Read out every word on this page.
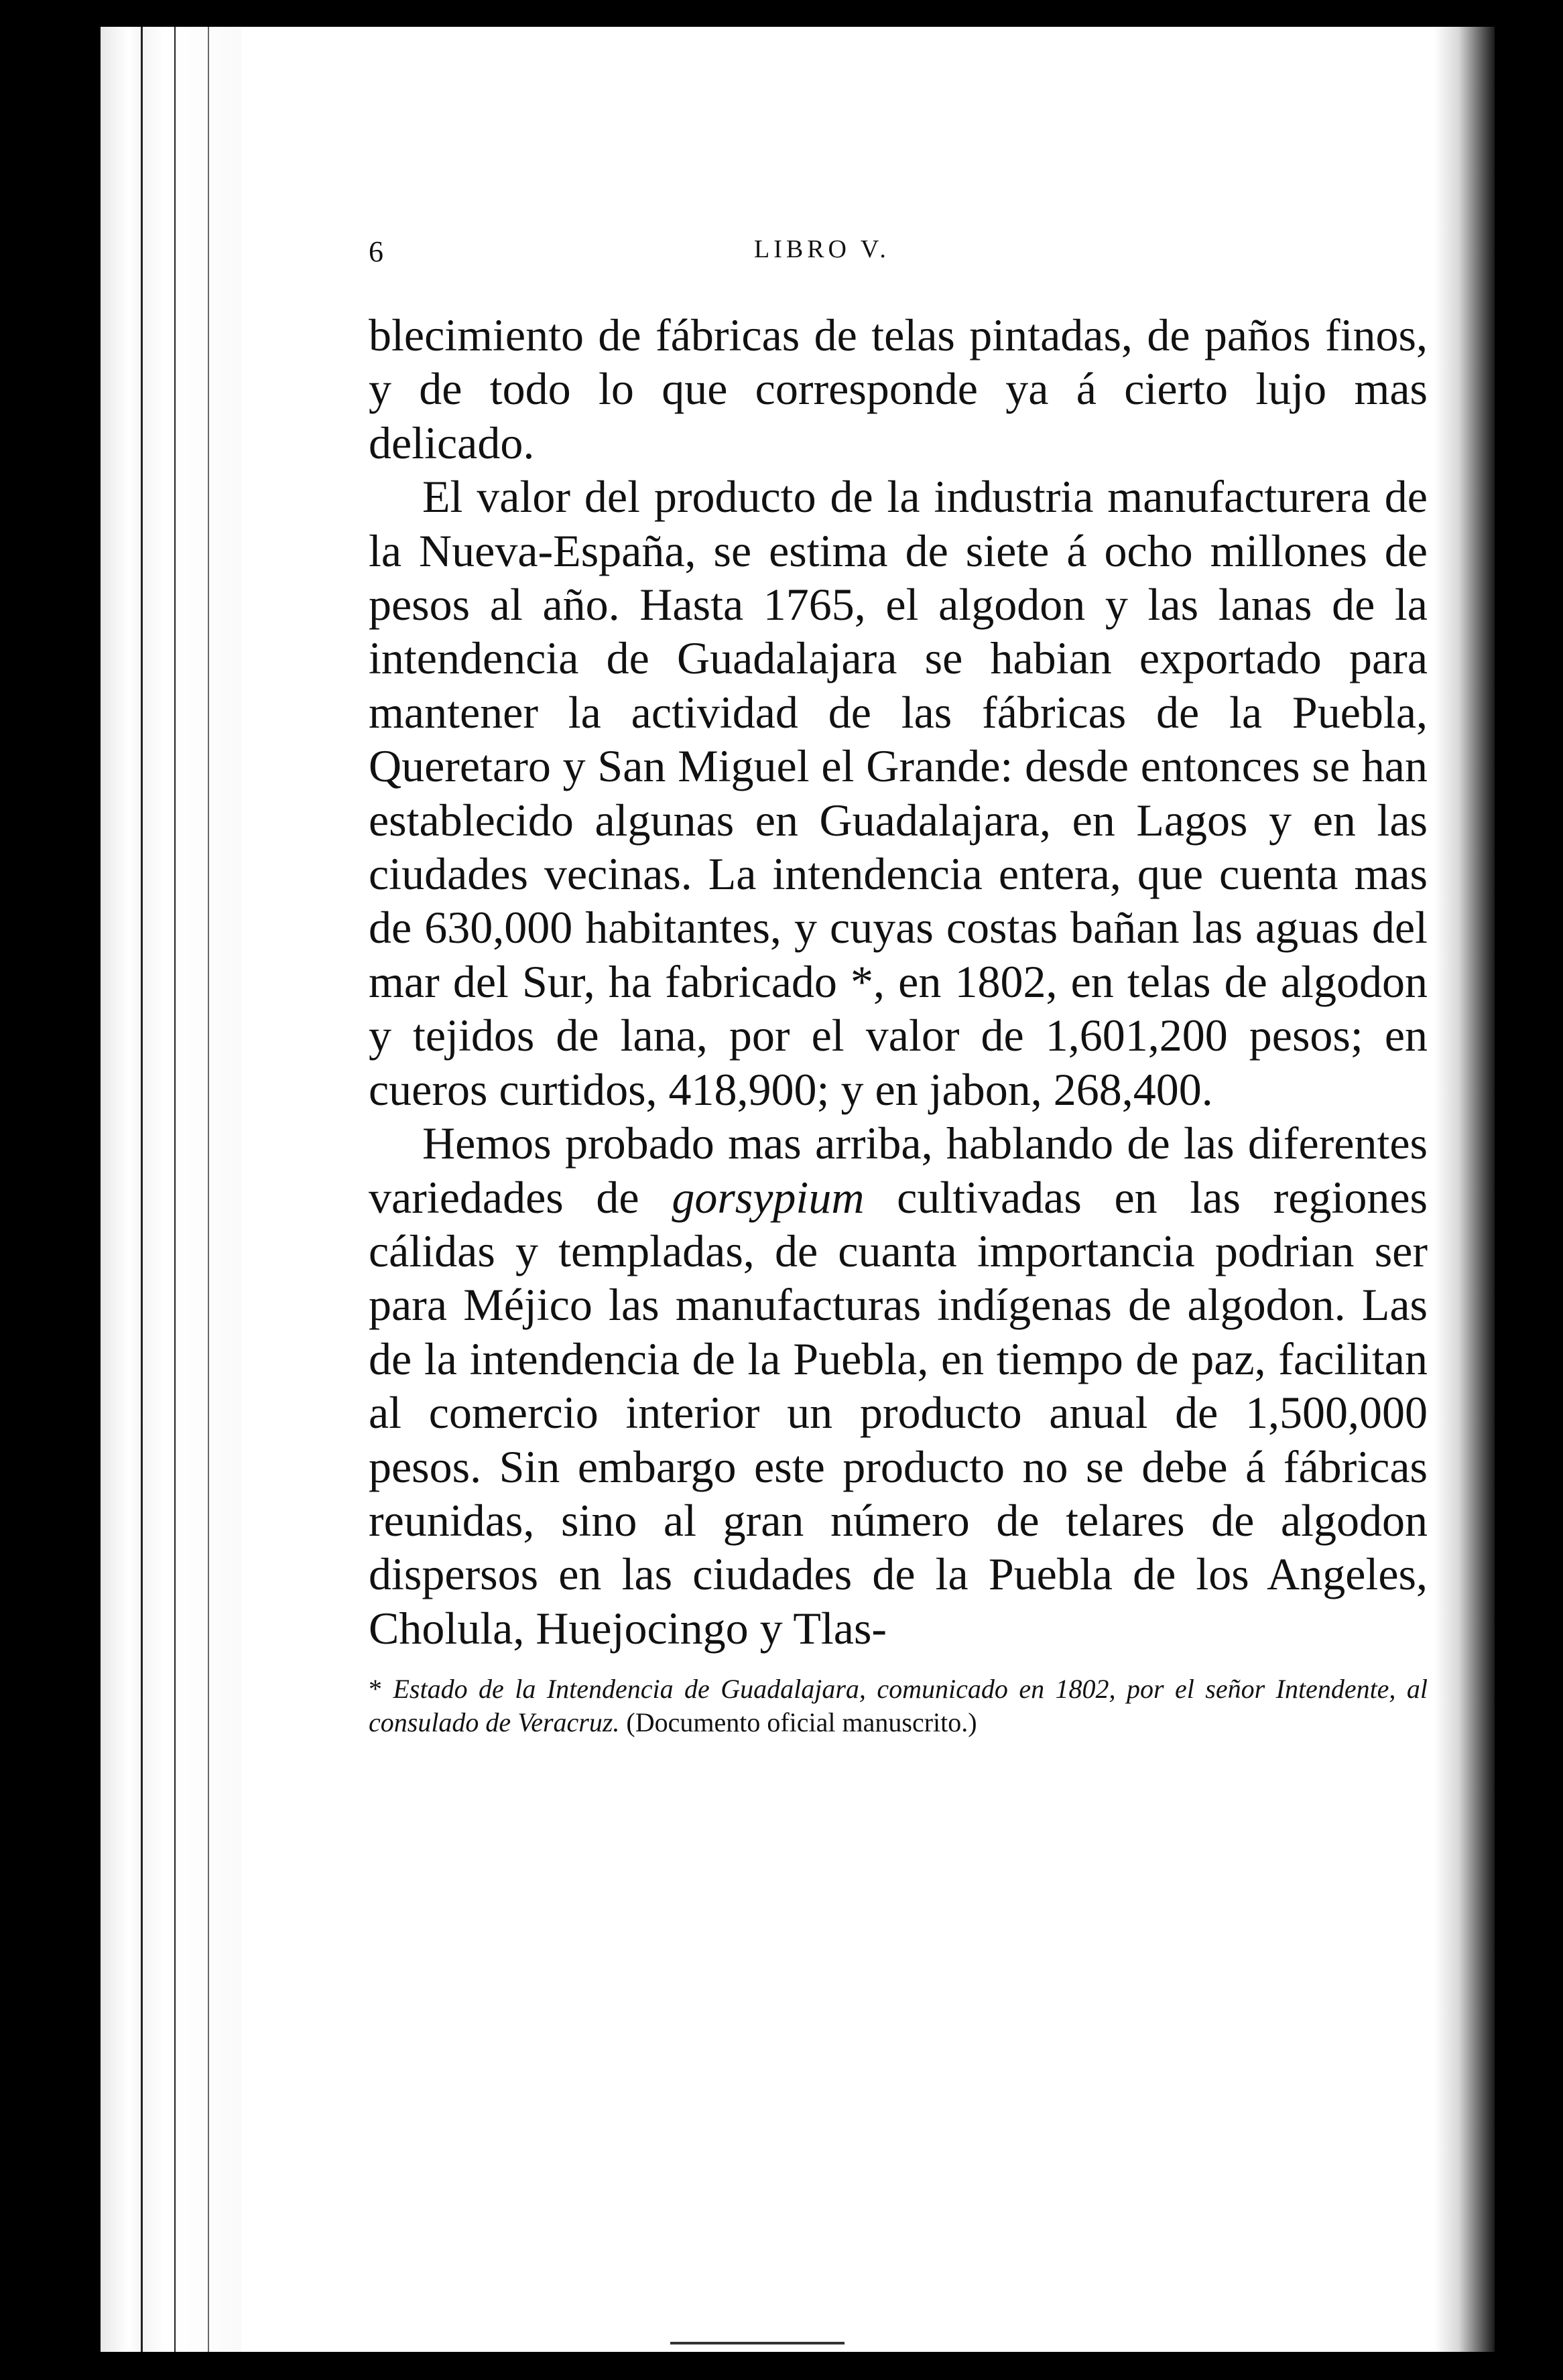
6	LIBRO V.

blecimiento de fábricas de telas pintadas, de paños finos, y de todo lo que corresponde ya á cierto lujo mas delicado.

El valor del producto de la industria manufacturera de la Nueva-España, se estima de siete á ocho millones de pesos al año. Hasta 1765, el algodon y las lanas de la intendencia de Guadalajara se habian exportado para mantener la actividad de las fábricas de la Puebla, Queretaro y San Miguel el Grande: desde entonces se han establecido algunas en Guadalajara, en Lagos y en las ciudades vecinas. La intendencia entera, que cuenta mas de 630,000 habitantes, y cuyas costas bañan las aguas del mar del Sur, ha fabricado *, en 1802, en telas de algodon y tejidos de lana, por el valor de 1,601,200 pesos; en cueros curtidos, 418,900; y en jabon, 268,400.

Hemos probado mas arriba, hablando de las diferentes variedades de gorsypium cultivadas en las regiones cálidas y templadas, de cuanta importancia podrian ser para Méjico las manufacturas indígenas de algodon. Las de la intendencia de la Puebla, en tiempo de paz, facilitan al comercio interior un producto anual de 1,500,000 pesos. Sin embargo este producto no se debe á fábricas reunidas, sino al gran número de telares de algodon dispersos en las ciudades de la Puebla de los Angeles, Cholula, Huejocingo y Tlas-

* Estado de la Intendencia de Guadalajara, comunicado en 1802, por el señor Intendente, al consulado de Veracruz. (Documento oficial manuscrito.)
